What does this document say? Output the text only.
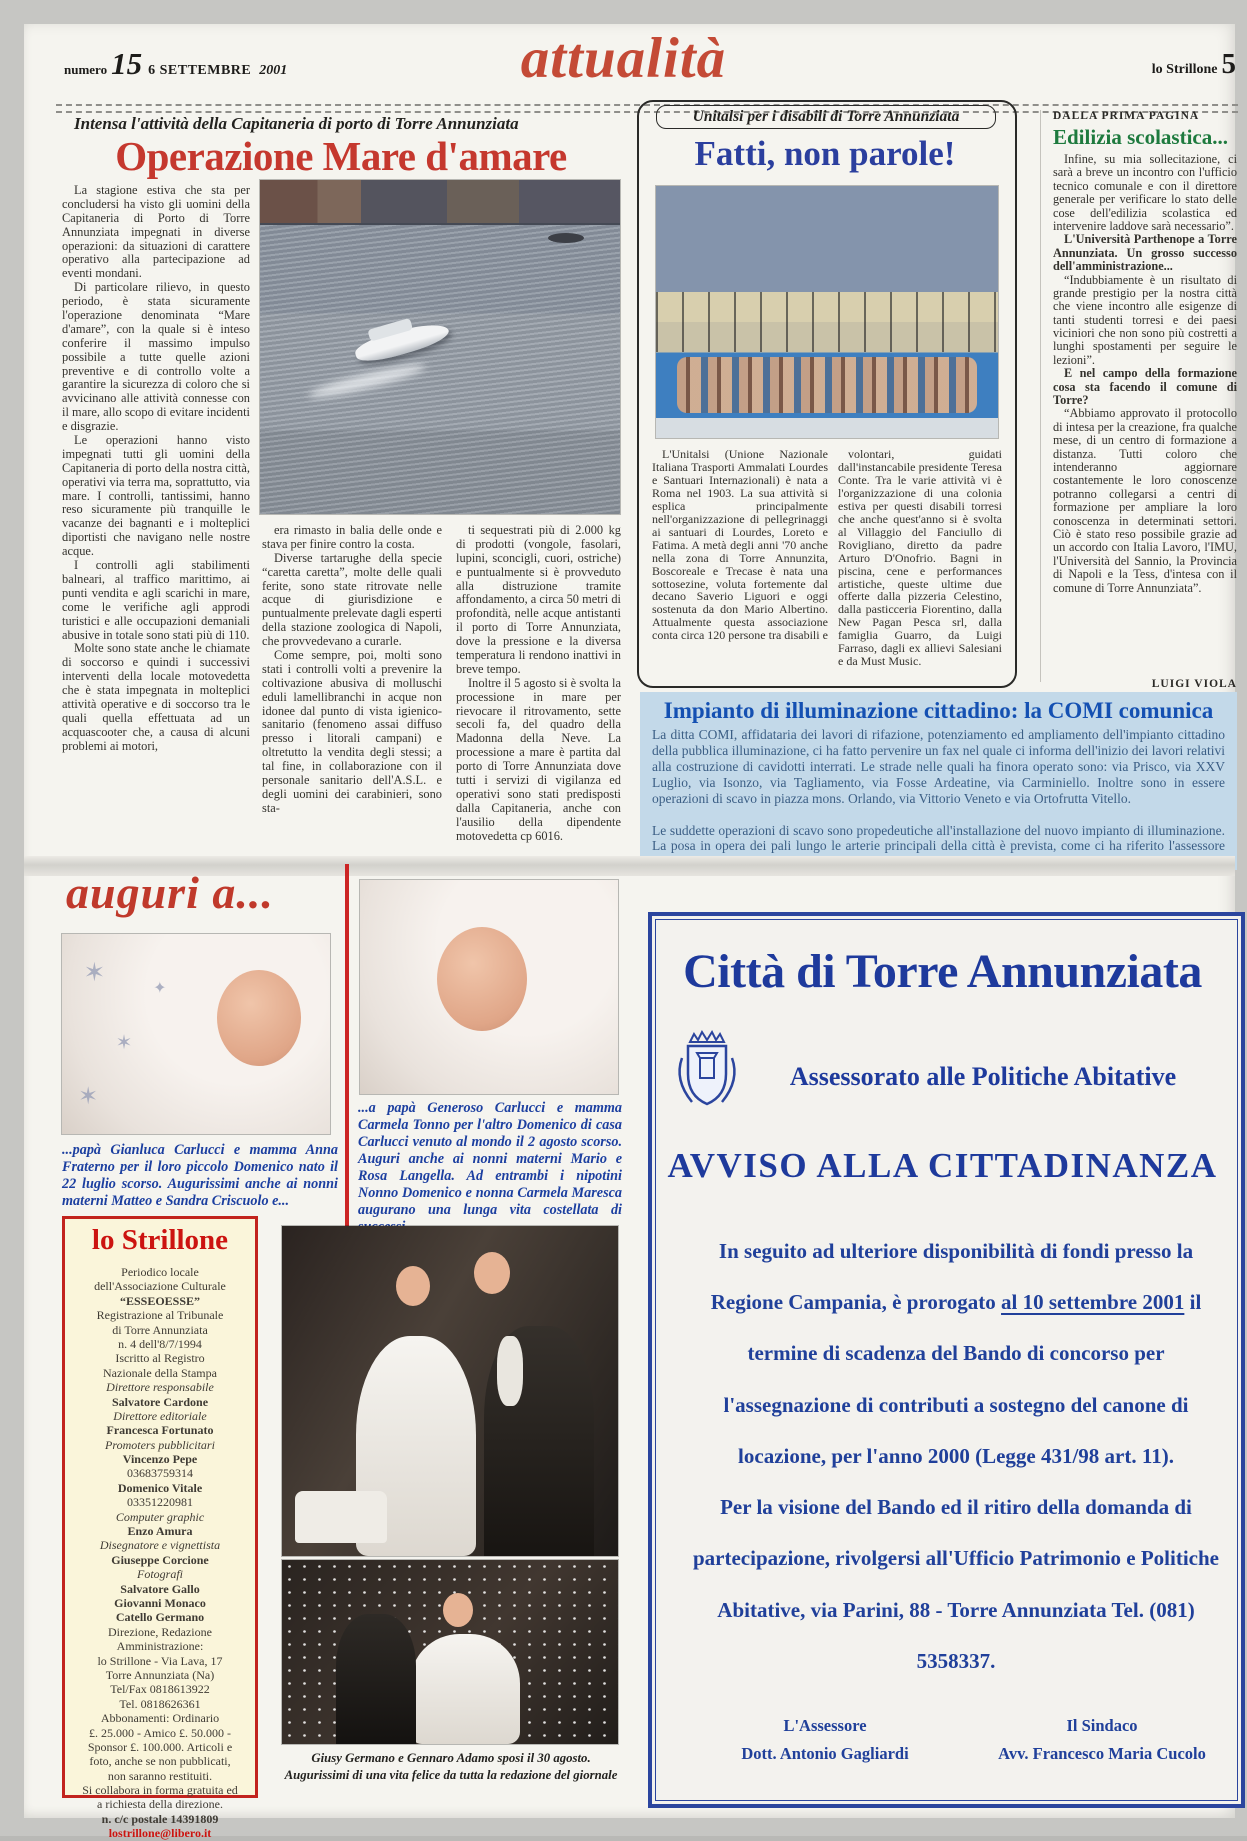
numero 15 6 SETTEMBRE 2001	attualità	lo Strillone 5
Intensa l'attività della Capitaneria di porto di Torre Annunziata
Operazione Mare d'amare
La stagione estiva che sta per concludersi ha visto gli uomini della Capitaneria di Porto di Torre Annunziata impegnati in diverse operazioni: da situazioni di carattere operativo alla partecipazione ad eventi mondani.
Di particolare rilievo, in questo periodo, è stata sicuramente l'operazione denominata “Mare d'amare”, con la quale si è inteso conferire il massimo impulso possibile a tutte quelle azioni preventive e di controllo volte a garantire la sicurezza di coloro che si avvicinano alle attività connesse con il mare, allo scopo di evitare incidenti e disgrazie.
Le operazioni hanno visto impegnati tutti gli uomini della Capitaneria di porto della nostra città, operativi via terra ma, soprattutto, via mare. I controlli, tantissimi, hanno reso sicuramente più tranquille le vacanze dei bagnanti e i molteplici diportisti che navigano nelle nostre acque.
I controlli agli stabilimenti balneari, al traffico marittimo, ai punti vendita e agli scarichi in mare, come le verifiche agli approdi turistici e alle occupazioni demaniali abusive in totale sono stati più di 110.
Molte sono state anche le chiamate di soccorso e quindi i successivi interventi della locale motovedetta che è stata impegnata in molteplici attività operative e di soccorso tra le quali quella effettuata ad un acquascooter che, a causa di alcuni problemi ai motori,
era rimasto in balia delle onde e stava per finire contro la costa.
Diverse tartarughe della specie “caretta caretta”, molte delle quali ferite, sono state ritrovate nelle acque di giurisdizione e puntualmente prelevate dagli esperti della stazione zoologica di Napoli, che provvedevano a curarle.
Come sempre, poi, molti sono stati i controlli volti a prevenire la coltivazione abusiva di molluschi eduli lamellibranchi in acque non idonee dal punto di vista igienico-sanitario (fenomeno assai diffuso presso i litorali campani) e oltretutto la vendita degli stessi; a tal fine, in collaborazione con il personale sanitario dell'A.S.L. e degli uomini dei carabinieri, sono sta-
ti sequestrati più di 2.000 kg di prodotti (vongole, fasolari, lupini, sconcigli, cuori, ostriche) e puntualmente si è provveduto alla distruzione tramite affondamento, a circa 50 metri di profondità, nelle acque antistanti il porto di Torre Annunziata, dove la pressione e la diversa temperatura li rendono inattivi in breve tempo.
Inoltre il 5 agosto si è svolta la processione in mare per rievocare il ritrovamento, sette secoli fa, del quadro della Madonna della Neve. La processione a mare è partita dal porto di Torre Annunziata dove tutti i servizi di vigilanza ed operativi sono stati predisposti dalla Capitaneria, anche con l'ausilio della dipendente motovedetta cp 6016.
Unitalsi per i disabili di Torre Annunziata
Fatti, non parole!
L'Unitalsi (Unione Nazionale Italiana Trasporti Ammalati Lourdes e Santuari Internazionali) è nata a Roma nel 1903. La sua attività si esplica principalmente nell'organizzazione di pellegrinaggi ai santuari di Lourdes, Loreto e Fatima. A metà degli anni '70 anche nella zona di Torre Annunzita, Boscoreale e Trecase è nata una sottosezine, voluta fortemente dal decano Saverio Liguori e oggi sostenuta da don Mario Albertino. Attualmente questa associazione conta circa 120 persone tra disabili e
volontari, guidati dall'instancabile presidente Teresa Conte. Tra le varie attività vi è l'organizzazione di una colonia estiva per questi disabili torresi che anche quest'anno si è svolta al Villaggio del Fanciullo di Rovigliano, diretto da padre Arturo D'Onofrio. Bagni in piscina, cene e performances artistiche, queste ultime due offerte dalla pizzeria Celestino, dalla pasticceria Fiorentino, dalla New Pagan Pesca srl, dalla famiglia Guarro, da Luigi Farraso, dagli ex allievi Salesiani e da Must Music.
DALLA PRIMA PAGINA
Edilizia scolastica...
Infine, su mia sollecitazione, ci sarà a breve un incontro con l'ufficio tecnico comunale e con il direttore generale per verificare lo stato delle cose dell'edilizia scolastica ed intervenire laddove sarà necessario”.
L'Università Parthenope a Torre Annunziata. Un grosso successo dell'amministrazione...
“Indubbiamente è un risultato di grande prestigio per la nostra città che viene incontro alle esigenze di tanti studenti torresi e dei paesi viciniori che non sono più costretti a lunghi spostamenti per seguire le lezioni”.
E nel campo della formazione cosa sta facendo il comune di Torre?
“Abbiamo approvato il protocollo di intesa per la creazione, fra qualche mese, di un centro di formazione a distanza. Tutti coloro che intenderanno aggiornare costantemente le loro conoscenze potranno collegarsi a centri di formazione per ampliare la loro conoscenza in determinati settori. Ciò è stato reso possibile grazie ad un accordo con Italia Lavoro, l'IMU, l'Università del Sannio, la Provincia di Napoli e la Tess, d'intesa con il comune di Torre Annunziata”.
LUIGI VIOLA
Impianto di illuminazione cittadino: la COMI comunica
La ditta COMI, affidataria dei lavori di rifazione, potenziamento ed ampliamento dell'impianto cittadino della pubblica illuminazione, ci ha fatto pervenire un fax nel quale ci informa dell'inizio dei lavori relativi alla costruzione di cavidotti interrati. Le strade nelle quali ha finora operato sono: via Prisco, via XXV Luglio, via Isonzo, via Tagliamento, via Fosse Ardeatine, via Carminiello. Inoltre sono in essere operazioni di scavo in piazza mons. Orlando, via Vittorio Veneto e via Ortofrutta Vitello.

Le suddette operazioni di scavo sono propedeutiche all'installazione del nuovo impianto di illuminazione. La posa in opera dei pali lungo le arterie principali della città è prevista, come ci ha riferito l'assessore
auguri a...
✶
✶
✶
✦
...papà Gianluca Carlucci e mamma Anna Fraterno per il loro piccolo Domenico nato il 22 luglio scorso. Augurissimi anche ai nonni materni Matteo e Sandra Criscuolo e...
...a papà Generoso Carlucci e mamma Carmela Tonno per l'altro Domenico di casa Carlucci venuto al mondo il 2 agosto scorso. Auguri anche ai nonni materni Mario e Rosa Langella. Ad entrambi i nipotini Nonno Domenico e nonna Carmela Maresca augurano una lunga vita costellata di
lo Strillone
Periodico locale
dell'Associazione Culturale
“ESSEOESSE”
Registrazione al Tribunale
di Torre Annunziata
n. 4 dell'8/7/1994
Iscritto al Registro
Nazionale della Stampa
Direttore responsabile
Salvatore Cardone
Direttore editoriale
Francesca Fortunato
Promoters pubblicitari
Vincenzo Pepe
03683759314
Domenico Vitale
03351220981
Computer graphic
Enzo Amura
Disegnatore e vignettista
Giuseppe Corcione
Fotografi
Salvatore Gallo
Giovanni Monaco
Catello Germano
Direzione, Redazione
Amministrazione:
lo Strillone - Via Lava, 17
Torre Annunziata (Na)
Tel/Fax 0818613922
Tel. 0818626361
Abbonamenti: Ordinario
£. 25.000 - Amico £. 50.000 -
Sponsor £. 100.000. Articoli e
foto, anche se non pubblicati,
non saranno restituiti.
Si collabora in forma gratuita ed
a richiesta della direzione.
n. c/c postale 14391809
lostrillone@libero.it
Giusy Germano e Gennaro Adamo sposi il 30 agosto.
Augurissimi di una vita felice da tutta la redazione del giornale
Città di Torre Annunziata
Assessorato alle Politiche Abitative
AVVISO ALLA CITTADINANZA
In seguito ad ulteriore disponibilità di fondi presso la Regione Campania, è prorogato al 10 settembre 2001 il termine di scadenza del Bando di concorso per l'assegnazione di contributi a sostegno del canone di locazione, per l'anno 2000 (Legge 431/98 art. 11).
Per la visione del Bando ed il ritiro della domanda di partecipazione, rivolgersi all'Ufficio Patrimonio e Politiche Abitative, via Parini, 88 - Torre Annunziata Tel. (081) 5358337.
L'Assessore
Dott. Antonio Gagliardi
Il Sindaco
Avv. Francesco Maria Cucolo
